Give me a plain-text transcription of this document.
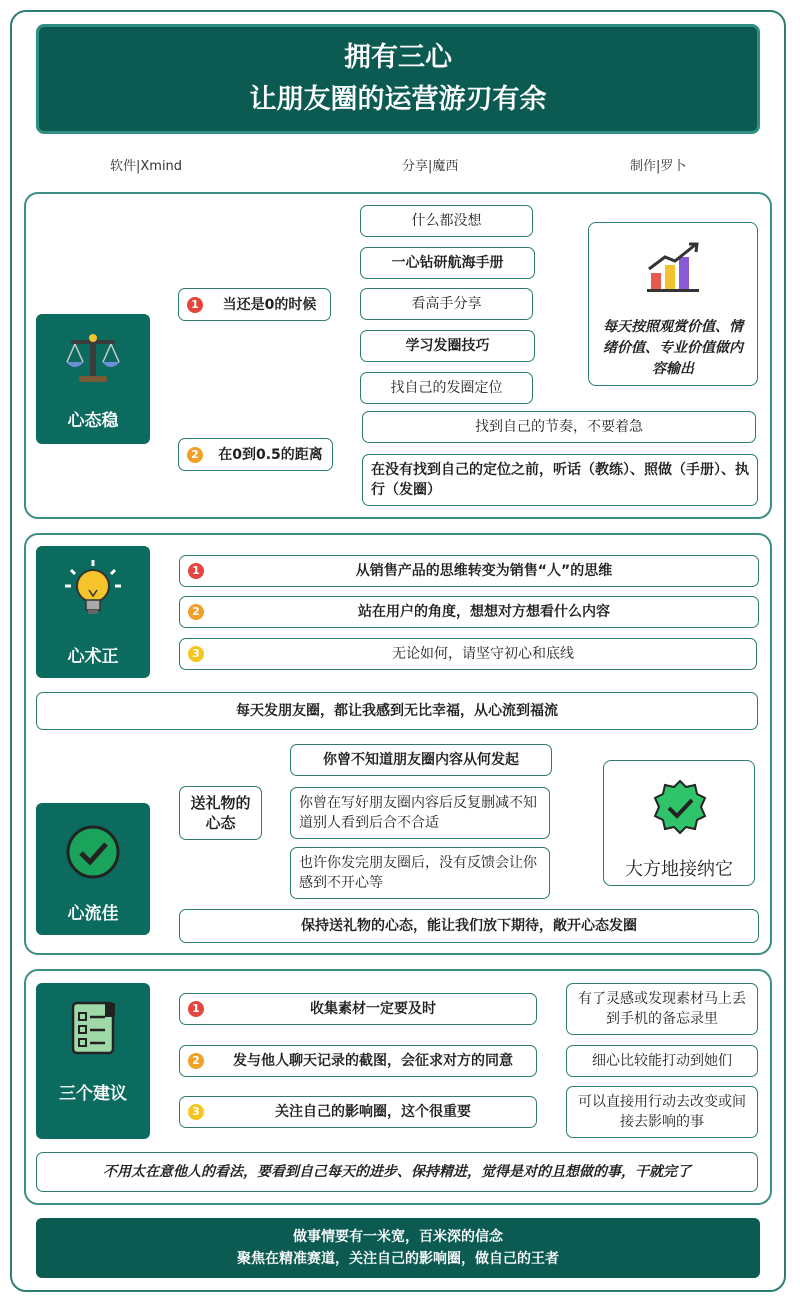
拥有三心
让朋友圈的运营游刃有余
软件|Xmind	分享|魔西	制作|罗卜
心态稳
1	当还是0的时候
什么都没想
一心钻研航海手册
看高手分享
学习发圈技巧
找自己的发圈定位
每天按照观赏价值、情绪价值、专业价值做内容输出
2 在0到0.5的距离
找到自己的节奏，不要着急
在没有找到自己的定位之前，听话（教练）、照做（手册）、执行（发圈）
心术正
1	从销售产品的思维转变为销售“人”的思维
2	站在用户的角度，想想对方想看什么内容
3	无论如何，请坚守初心和底线
每天发朋友圈，都让我感到无比幸福，从心流到福流
心流佳
送礼物的心态
你曾不知道朋友圈内容从何发起
你曾在写好朋友圈内容后反复删减不知道别人看到后合不合适
也许你发完朋友圈后，没有反馈会让你感到不开心等
大方地接纳它
保持送礼物的心态，能让我们放下期待，敞开心态发圈
三个建议
1	收集素材一定要及时
2	发与他人聊天记录的截图，会征求对方的同意
3	关注自己的影响圈，这个很重要
有了灵感或发现素材马上丢到手机的备忘录里
细心比较能打动到她们
可以直接用行动去改变或间接去影响的事
不用太在意他人的看法，要看到自己每天的进步、保持精进，觉得是对的且想做的事，干就完了
做事情要有一米宽，百米深的信念
聚焦在精准赛道，关注自己的影响圈，做自己的王者
